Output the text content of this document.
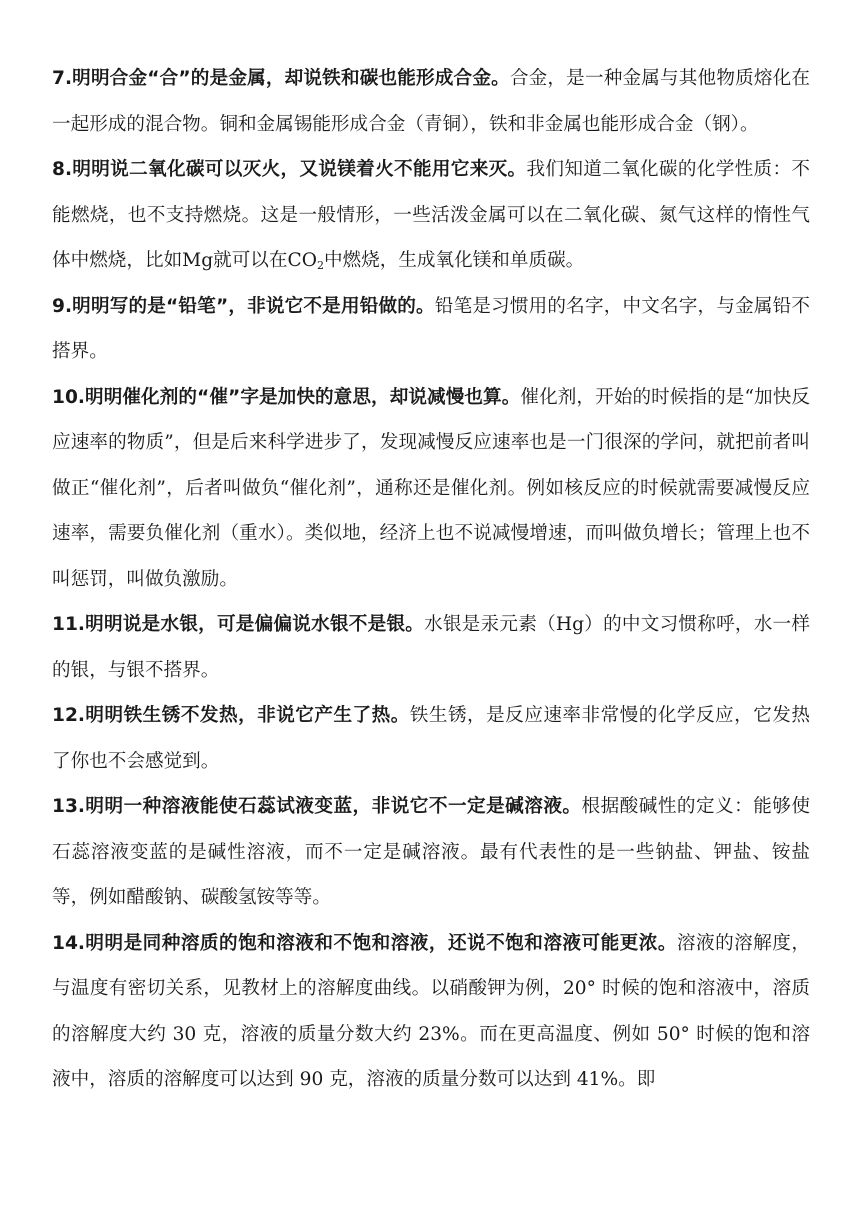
7.明明合金“合”的是金属，却说铁和碳也能形成合金。合金，是一种金属与其他物质熔化在一起形成的混合物。铜和金属锡能形成合金（青铜），铁和非金属也能形成合金（钢）。

8.明明说二氧化碳可以灭火，又说镁着火不能用它来灭。我们知道二氧化碳的化学性质：不能燃烧，也不支持燃烧。这是一般情形，一些活泼金属可以在二氧化碳、氮气这样的惰性气体中燃烧，比如Mg就可以在$CO_2$中燃烧，生成氧化镁和单质碳。

9.明明写的是“铅笔”，非说它不是用铅做的。铅笔是习惯用的名字，中文名字，与金属铅不搭界。

10.明明催化剂的“催”字是加快的意思，却说减慢也算。催化剂，开始的时候指的是“加快反应速率的物质”，但是后来科学进步了，发现减慢反应速率也是一门很深的学问，就把前者叫做正“催化剂”，后者叫做负“催化剂”，通称还是催化剂。例如核反应的时候就需要减慢反应速率，需要负催化剂（重水）。类似地，经济上也不说减慢增速，而叫做负增长；管理上也不叫惩罚，叫做负激励。

11.明明说是水银，可是偏偏说水银不是银。水银是汞元素（Hg）的中文习惯称呼，水一样的银，与银不搭界。

12.明明铁生锈不发热，非说它产生了热。铁生锈，是反应速率非常慢的化学反应，它发热了你也不会感觉到。

13.明明一种溶液能使石蕊试液变蓝，非说它不一定是碱溶液。根据酸碱性的定义：能够使石蕊溶液变蓝的是碱性溶液，而不一定是碱溶液。最有代表性的是一些钠盐、钾盐、铵盐等，例如醋酸钠、碳酸氢铵等等。

14.明明是同种溶质的饱和溶液和不饱和溶液，还说不饱和溶液可能更浓。溶液的溶解度，与温度有密切关系，见教材上的溶解度曲线。以硝酸钾为例，20° 时候的饱和溶液中，溶质的溶解度大约 30 克，溶液的质量分数大约 23%。而在更高温度、例如 50° 时候的饱和溶液中，溶质的溶解度可以达到 90 克，溶液的质量分数可以达到 41%。即
